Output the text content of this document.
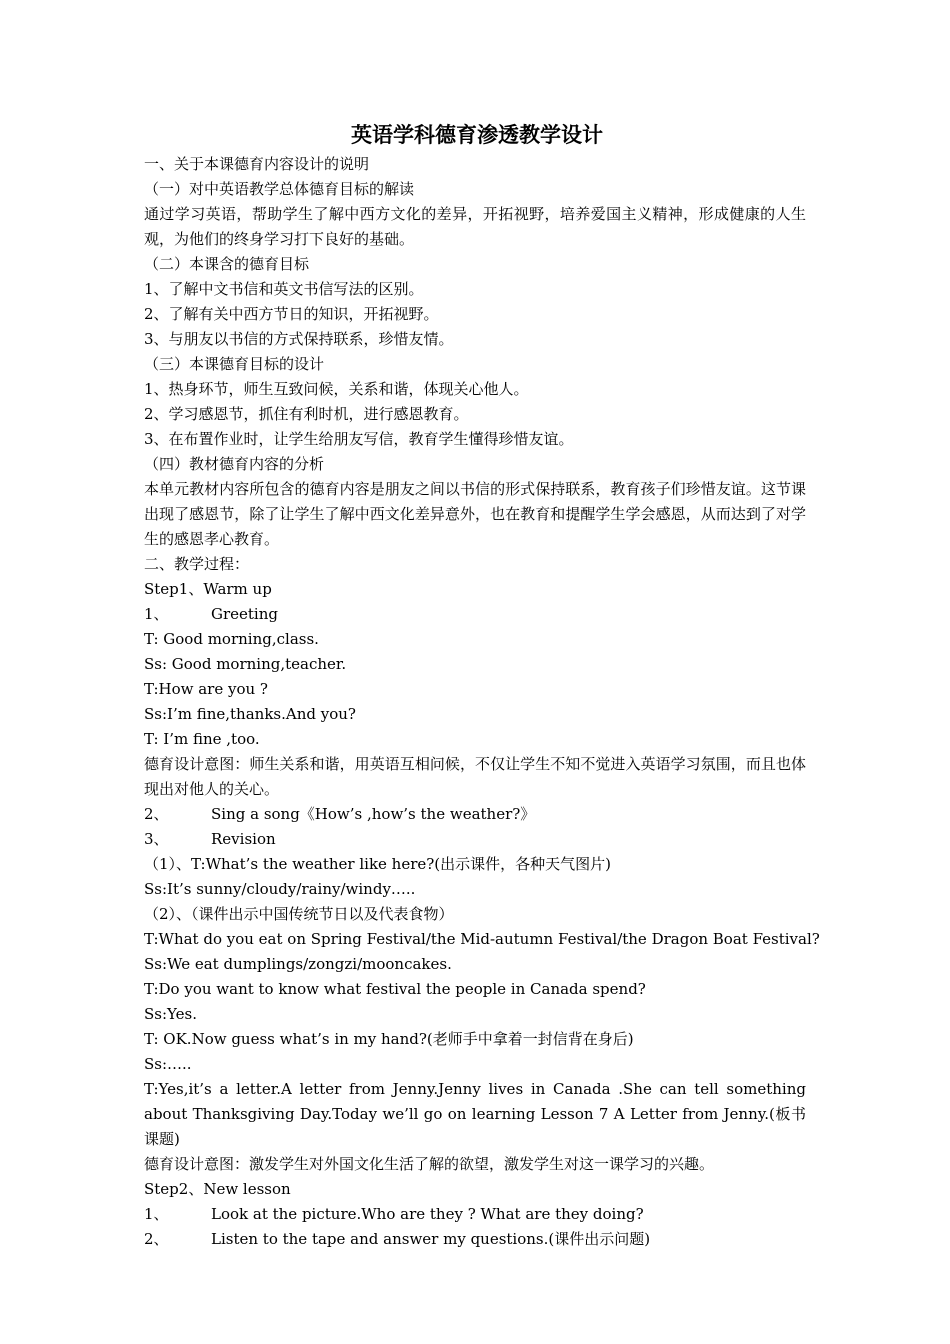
英语学科德育渗透教学设计
一、关于本课德育内容设计的说明
（一）对中英语教学总体德育目标的解读
通过学习英语，帮助学生了解中西方文化的差异，开拓视野，培养爱国主义精神，形成健康的人生观，为他们的终身学习打下良好的基础。
（二）本课含的德育目标
1、了解中文书信和英文书信写法的区别。
2、了解有关中西方节日的知识，开拓视野。
3、与朋友以书信的方式保持联系，珍惜友情。
（三）本课德育目标的设计
1、热身环节，师生互致问候，关系和谐，体现关心他人。
2、学习感恩节，抓住有利时机，进行感恩教育。
3、在布置作业时，让学生给朋友写信，教育学生懂得珍惜友谊。
（四）教材德育内容的分析
本单元教材内容所包含的德育内容是朋友之间以书信的形式保持联系，教育孩子们珍惜友谊。这节课出现了感恩节，除了让学生了解中西文化差异意外，也在教育和提醒学生学会感恩，从而达到了对学生的感恩孝心教育。
二、教学过程：
Step1、Warm up
1、	Greeting
T: Good morning,class.
Ss: Good morning,teacher.
T:How are you ?
Ss:I’m fine,thanks.And you?
T: I’m fine ,too.
德育设计意图：师生关系和谐，用英语互相问候，不仅让学生不知不觉进入英语学习氛围，而且也体现出对他人的关心。
2、	Sing a song《How’s ,how’s the weather?》
3、	Revision
（1）、T:What’s the weather like here?(出示课件，各种天气图片)
Ss:It’s sunny/cloudy/rainy/windy…..
（2）、（课件出示中国传统节日以及代表食物）
T:What do you eat on Spring Festival/the Mid-autumn Festival/the Dragon Boat Festival?
Ss:We eat dumplings/zongzi/mooncakes.
T:Do you want to know what festival the people in Canada spend?
Ss:Yes.
T: OK.Now guess what’s in my hand?(老师手中拿着一封信背在身后)
Ss:…..
T:Yes,it’s a letter.A letter from Jenny.Jenny lives in Canada .She can tell something about Thanksgiving Day.Today we’ll go on learning Lesson 7 A Letter from Jenny.(板书课题)
德育设计意图：激发学生对外国文化生活了解的欲望，激发学生对这一课学习的兴趣。
Step2、New lesson
1、	Look at the picture.Who are they ? What are they doing?
2、	Listen to the tape and answer my questions.(课件出示问题)
